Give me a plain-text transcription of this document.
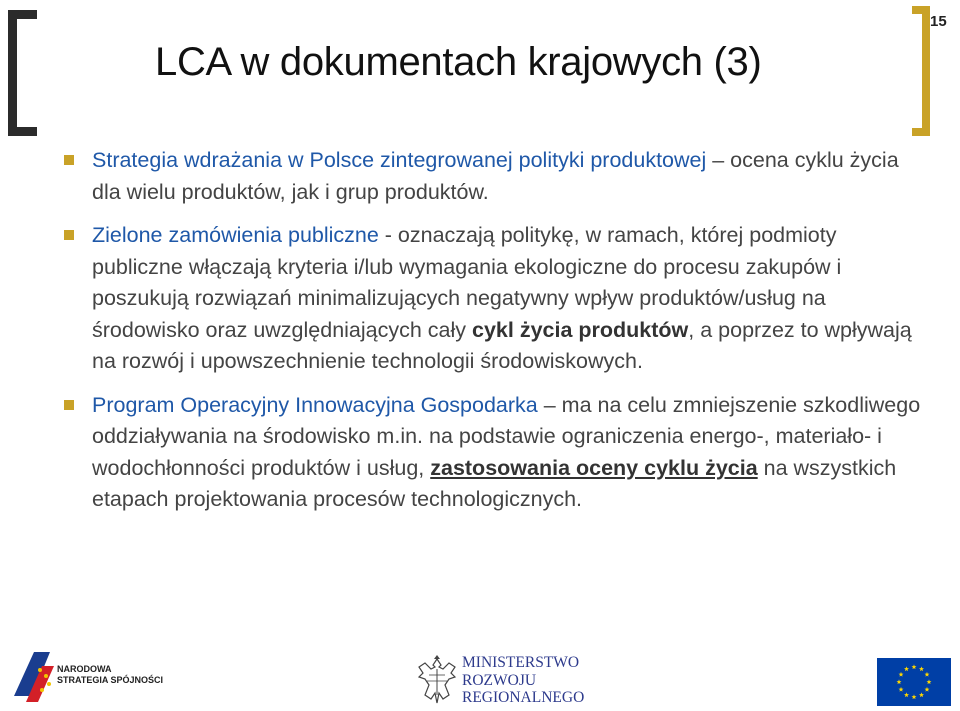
15
LCA w dokumentach krajowych (3)
Strategia wdrażania w Polsce zintegrowanej polityki produktowej – ocena cyklu życia dla wielu produktów, jak i grup produktów.
Zielone zamówienia publiczne - oznaczają politykę, w ramach, której podmioty publiczne włączają kryteria i/lub wymagania ekologiczne do procesu zakupów i poszukują rozwiązań minimalizujących negatywny wpływ produktów/usług na środowisko oraz uwzględniających cały cykl życia produktów, a poprzez to wpływają na rozwój i upowszechnienie technologii środowiskowych.
Program Operacyjny Innowacyjna Gospodarka – ma na celu zmniejszenie szkodliwego oddziaływania na środowisko m.in. na podstawie ograniczenia energo-, materiało- i wodochłonności produktów i usług, zastosowania oceny cyklu życia na wszystkich etapach projektowania procesów technologicznych.
NARODOWA
STRATEGIA SPÓJNOŚCI
MINISTERSTWO
ROZWOJU
REGIONALNEGO
